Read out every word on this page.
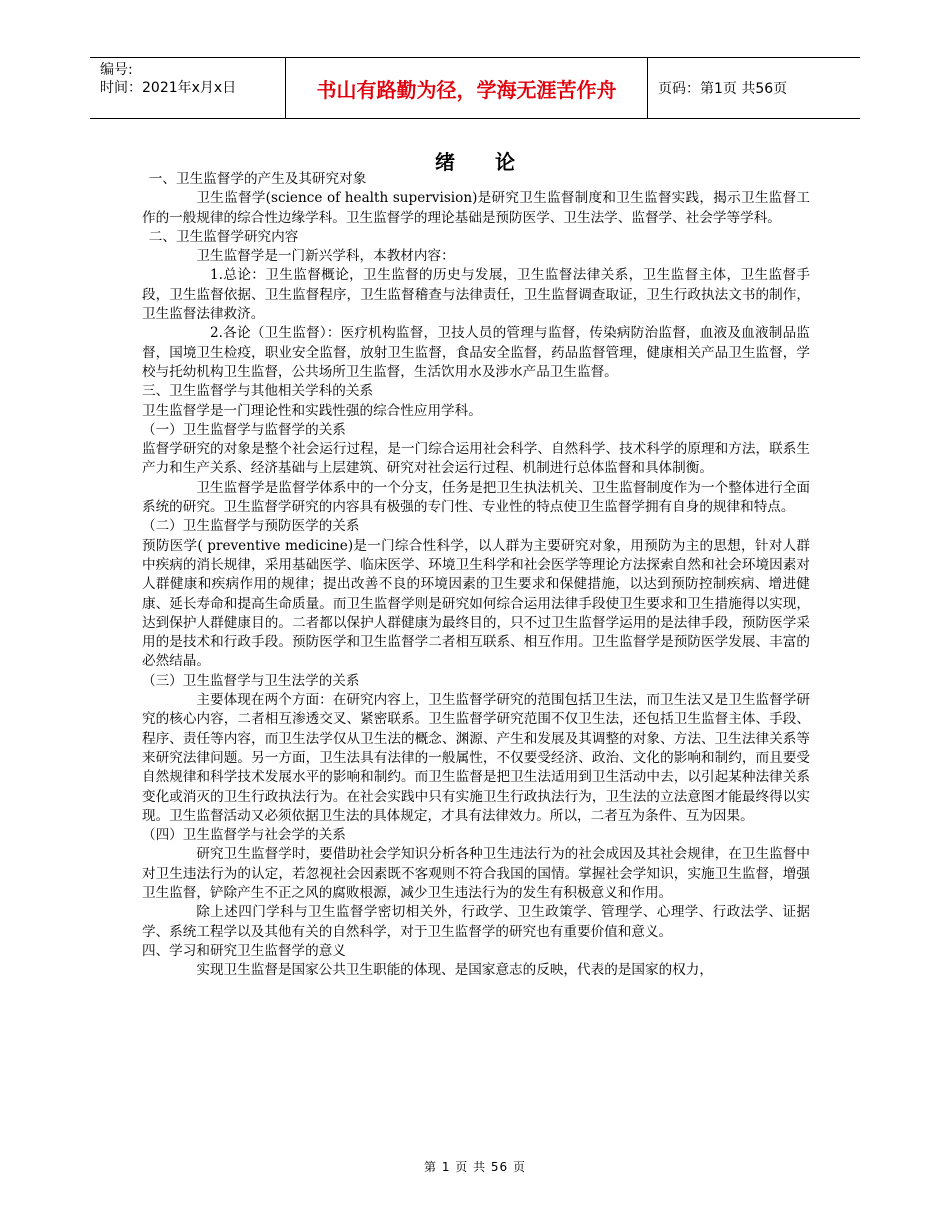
编号:
时间：2021年x月x日	书山有路勤为径，学海无涯苦作舟	页码：第1页 共56页
绪论

一、卫生监督学的产生及其研究对象

卫生监督学(science of health supervision)是研究卫生监督制度和卫生监督实践，揭示卫生监督工作的一般规律的综合性边缘学科。卫生监督学的理论基础是预防医学、卫生法学、监督学、社会学等学科。

二、卫生监督学研究内容

卫生监督学是一门新兴学科，本教材内容：

1.总论：卫生监督概论，卫生监督的历史与发展，卫生监督法律关系，卫生监督主体，卫生监督手段，卫生监督依据、卫生监督程序，卫生监督稽查与法律责任，卫生监督调查取证，卫生行政执法文书的制作，卫生监督法律救济。

2.各论（卫生监督）：医疗机构监督，卫技人员的管理与监督，传染病防治监督，血液及血液制品监督，国境卫生检疫，职业安全监督，放射卫生监督，食品安全监督，药品监督管理，健康相关产品卫生监督，学校与托幼机构卫生监督，公共场所卫生监督，生活饮用水及涉水产品卫生监督。

三、卫生监督学与其他相关学科的关系

卫生监督学是一门理论性和实践性强的综合性应用学科。

（一）卫生监督学与监督学的关系

监督学研究的对象是整个社会运行过程，是一门综合运用社会科学、自然科学、技术科学的原理和方法，联系生产力和生产关系、经济基础与上层建筑、研究对社会运行过程、机制进行总体监督和具体制衡。

卫生监督学是监督学体系中的一个分支，任务是把卫生执法机关、卫生监督制度作为一个整体进行全面系统的研究。卫生监督学研究的内容具有极强的专门性、专业性的特点使卫生监督学拥有自身的规律和特点。

（二）卫生监督学与预防医学的关系

预防医学( preventive medicine)是一门综合性科学，以人群为主要研究对象，用预防为主的思想，针对人群中疾病的消长规律，采用基础医学、临床医学、环境卫生科学和社会医学等理论方法探索自然和社会环境因素对人群健康和疾病作用的规律；提出改善不良的环境因素的卫生要求和保健措施，以达到预防控制疾病、增进健康、延长寿命和提高生命质量。而卫生监督学则是研究如何综合运用法律手段使卫生要求和卫生措施得以实现，达到保护人群健康目的。二者都以保护人群健康为最终目的，只不过卫生监督学运用的是法律手段，预防医学采用的是技术和行政手段。预防医学和卫生监督学二者相互联系、相互作用。卫生监督学是预防医学发展、丰富的必然结晶。

（三）卫生监督学与卫生法学的关系

主要体现在两个方面：在研究内容上，卫生监督学研究的范围包括卫生法，而卫生法又是卫生监督学研究的核心内容，二者相互渗透交叉、紧密联系。卫生监督学研究范围不仅卫生法，还包括卫生监督主体、手段、程序、责任等内容，而卫生法学仅从卫生法的概念、渊源、产生和发展及其调整的对象、方法、卫生法律关系等来研究法律问题。另一方面，卫生法具有法律的一般属性，不仅要受经济、政治、文化的影响和制约，而且要受自然规律和科学技术发展水平的影响和制约。而卫生监督是把卫生法适用到卫生活动中去，以引起某种法律关系变化或消灭的卫生行政执法行为。在社会实践中只有实施卫生行政执法行为，卫生法的立法意图才能最终得以实现。卫生监督活动又必须依据卫生法的具体规定，才具有法律效力。所以，二者互为条件、互为因果。

（四）卫生监督学与社会学的关系

研究卫生监督学时，要借助社会学知识分析各种卫生违法行为的社会成因及其社会规律，在卫生监督中对卫生违法行为的认定，若忽视社会因素既不客观则不符合我国的国情。掌握社会学知识，实施卫生监督，增强卫生监督，铲除产生不正之风的腐败根源，减少卫生违法行为的发生有积极意义和作用。

除上述四门学科与卫生监督学密切相关外，行政学、卫生政策学、管理学、心理学、行政法学、证据学、系统工程学以及其他有关的自然科学，对于卫生监督学的研究也有重要价值和意义。

四、学习和研究卫生监督学的意义

实现卫生监督是国家公共卫生职能的体现、是国家意志的反映，代表的是国家的权力，

第 1 页 共 56 页
